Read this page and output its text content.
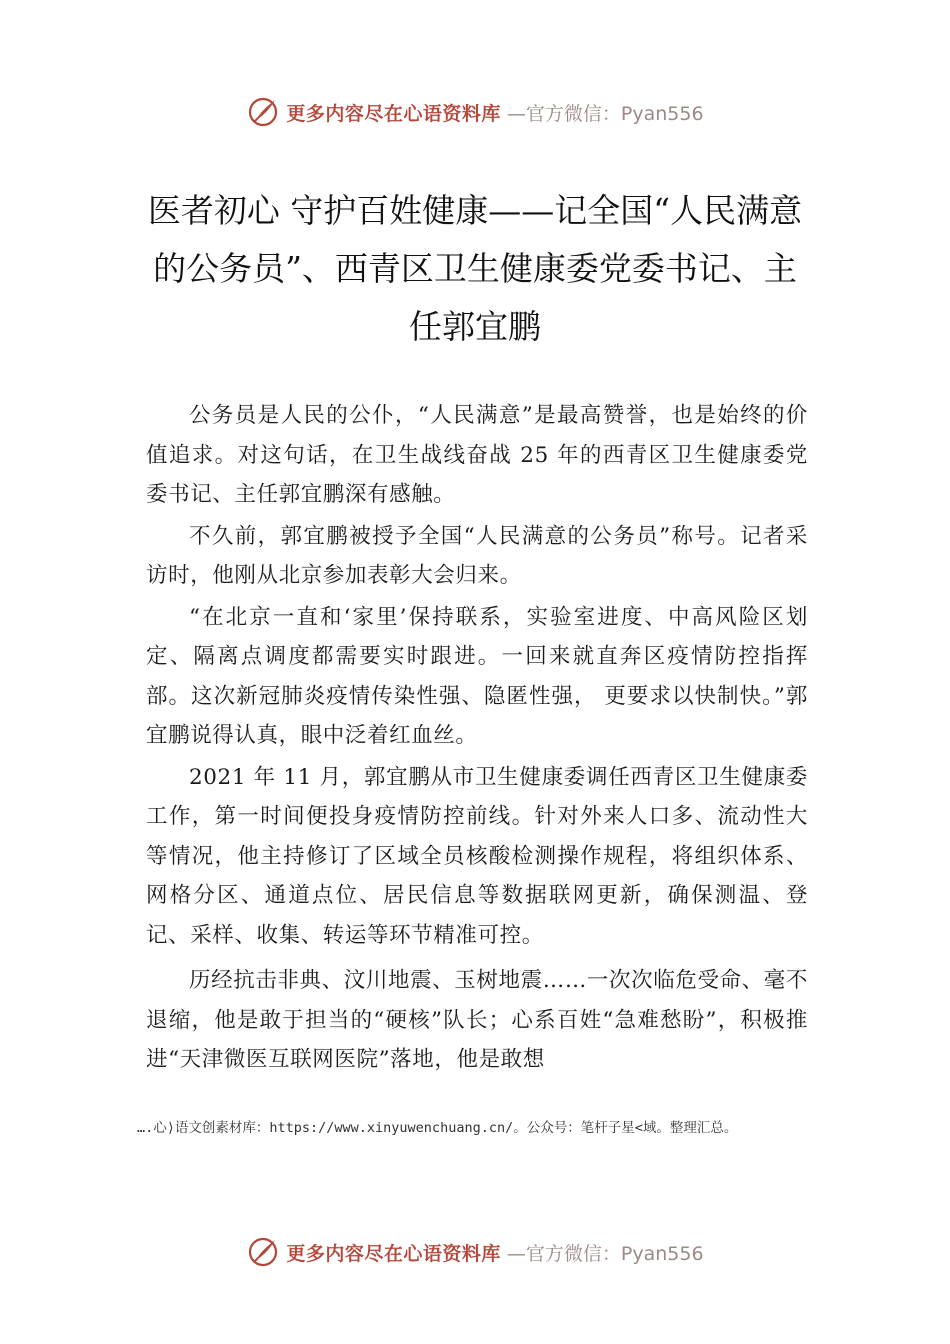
更多内容尽在心语资料库 —官方微信：Pyan556
医者初心 守护百姓健康——记全国“人民满意的公务员”、西青区卫生健康委党委书记、主任郭宜鹏

公务员是人民的公仆，“人民满意”是最高赞誉，也是始终的价值追求。对这句话，在卫生战线奋战 25 年的西青区卫生健康委党委书记、主任郭宜鹏深有感触。

不久前，郭宜鹏被授予全国“人民满意的公务员”称号。记者采访时，他刚从北京参加表彰大会归来。

“在北京一直和‘家里’保持联系，实验室进度、中高风险区划定、隔离点调度都需要实时跟进。一回来就直奔区疫情防控指挥部。这次新冠肺炎疫情传染性强、隐匿性强， 更要求以快制快。”郭宜鹏说得认真，眼中泛着红血丝。

2021 年 11 月，郭宜鹏从市卫生健康委调任西青区卫生健康委工作，第一时间便投身疫情防控前线。针对外来人口多、流动性大等情况，他主持修订了区域全员核酸检测操作规程，将组织体系、网格分区、通道点位、居民信息等数据联网更新，确保测温、登记、采样、收集、转运等环节精准可控。

历经抗击非典、汶川地震、玉树地震……一次次临危受命、毫不退缩，他是敢于担当的“硬核”队长；心系百姓“急难愁盼”，积极推进“天津微医互联网医院”落地，他是敢想

….心⟩语文创素材库：https://www.xinyuwenchuang.cn/。公众号：笔杆子星<域。整理汇总。
更多内容尽在心语资料库 —官方微信：Pyan556
